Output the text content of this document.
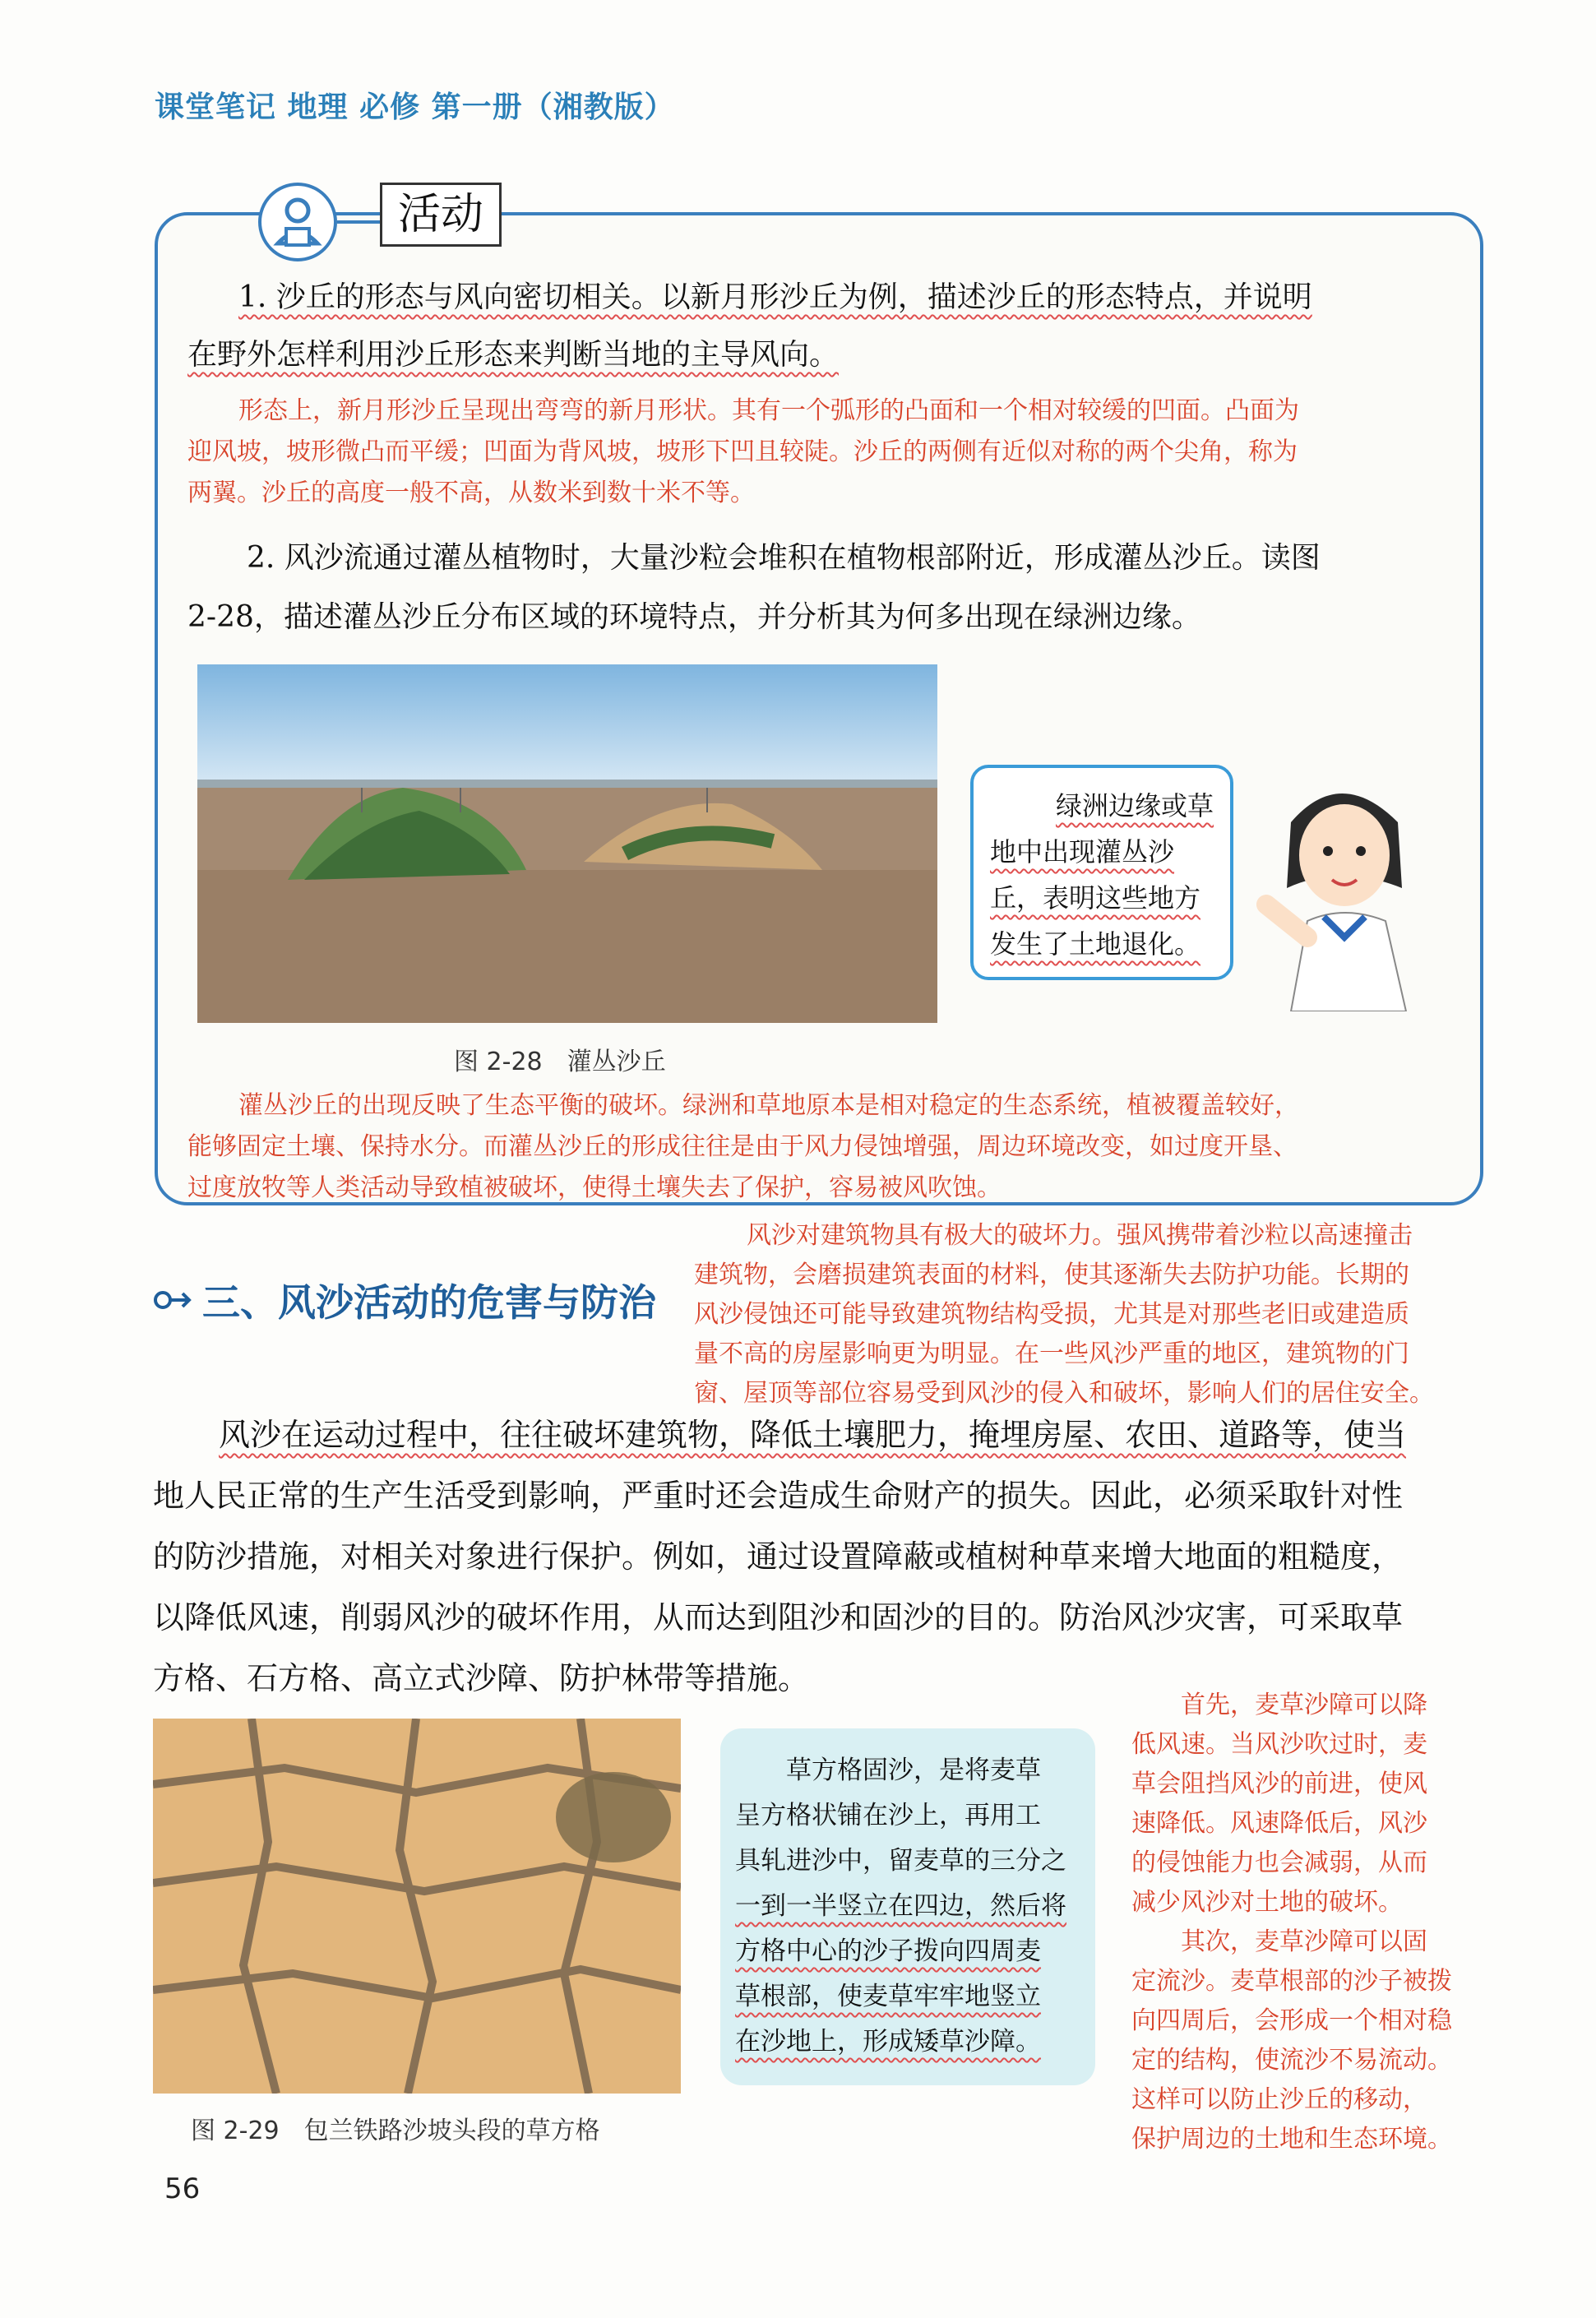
课堂笔记 地理 必修 第一册（湘教版）
活动
1. 沙丘的形态与风向密切相关。以新月形沙丘为例，描述沙丘的形态特点，并说明
在野外怎样利用沙丘形态来判断当地的主导风向。
形态上，新月形沙丘呈现出弯弯的新月形状。其有一个弧形的凸面和一个相对较缓的凹面。凸面为
迎风坡，坡形微凸而平缓；凹面为背风坡，坡形下凹且较陡。沙丘的两侧有近似对称的两个尖角，称为
两翼。沙丘的高度一般不高，从数米到数十米不等。
2. 风沙流通过灌丛植物时，大量沙粒会堆积在植物根部附近，形成灌丛沙丘。读图
2-28，描述灌丛沙丘分布区域的环境特点，并分析其为何多出现在绿洲边缘。
绿洲边缘或草
地中出现灌丛沙
丘，表明这些地方
发生了土地退化。
图 2-28　灌丛沙丘
灌丛沙丘的出现反映了生态平衡的破坏。绿洲和草地原本是相对稳定的生态系统，植被覆盖较好，
能够固定土壤、保持水分。而灌丛沙丘的形成往往是由于风力侵蚀增强，周边环境改变，如过度开垦、
过度放牧等人类活动导致植被破坏，使得土壤失去了保护，容易被风吹蚀。
风沙对建筑物具有极大的破坏力。强风携带着沙粒以高速撞击
建筑物，会磨损建筑表面的材料，使其逐渐失去防护功能。长期的
风沙侵蚀还可能导致建筑物结构受损，尤其是对那些老旧或建造质
量不高的房屋影响更为明显。在一些风沙严重的地区，建筑物的门
窗、屋顶等部位容易受到风沙的侵入和破坏，影响人们的居住安全。
三、风沙活动的危害与防治
风沙在运动过程中，往往破坏建筑物，降低土壤肥力，掩埋房屋、农田、道路等，使当
地人民正常的生产生活受到影响，严重时还会造成生命财产的损失。因此，必须采取针对性
的防沙措施，对相关对象进行保护。例如，通过设置障蔽或植树种草来增大地面的粗糙度，
以降低风速，削弱风沙的破坏作用，从而达到阻沙和固沙的目的。防治风沙灾害，可采取草
方格、石方格、高立式沙障、防护林带等措施。
图 2-29　包兰铁路沙坡头段的草方格
草方格固沙，是将麦草
呈方格状铺在沙上，再用工
具轧进沙中，留麦草的三分之
一到一半竖立在四边，然后将
方格中心的沙子拨向四周麦
草根部，使麦草牢牢地竖立
在沙地上，形成矮草沙障。
首先，麦草沙障可以降
低风速。当风沙吹过时，麦
草会阻挡风沙的前进，使风
速降低。风速降低后，风沙
的侵蚀能力也会减弱，从而
减少风沙对土地的破坏。
其次，麦草沙障可以固
定流沙。麦草根部的沙子被拨
向四周后，会形成一个相对稳
定的结构，使流沙不易流动。
这样可以防止沙丘的移动，
保护周边的土地和生态环境。
56
